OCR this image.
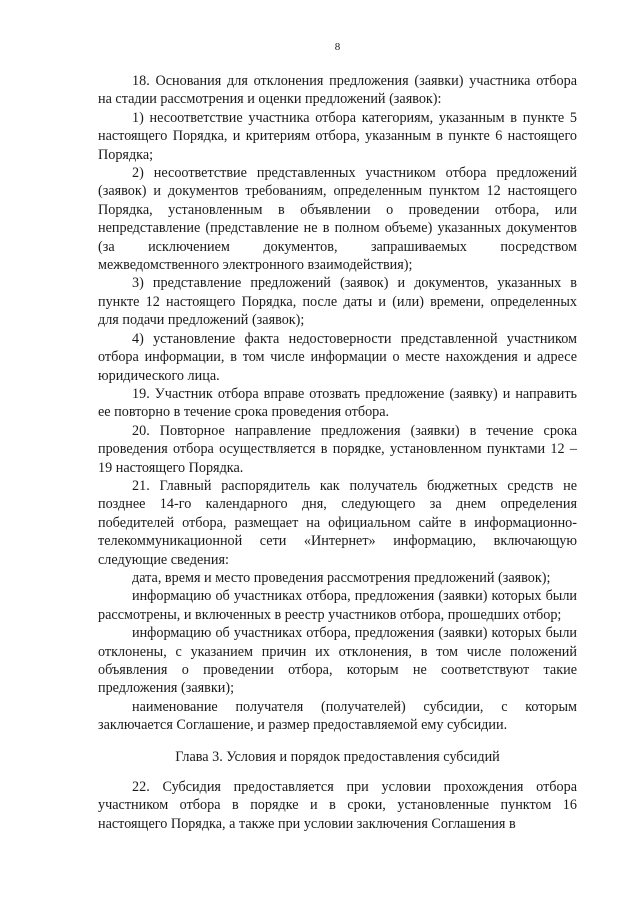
8

18. Основания для отклонения предложения (заявки) участника отбора на стадии рассмотрения и оценки предложений (заявок):

1) несоответствие участника отбора категориям, указанным в пункте 5 настоящего Порядка, и критериям отбора, указанным в пункте 6 настоящего Порядка;

2) несоответствие представленных участником отбора предложений (заявок) и документов требованиям, определенным пунктом 12 настоящего Порядка, установленным в объявлении о проведении отбора, или непредставление (представление не в полном объеме) указанных документов (за исключением документов, запрашиваемых посредством межведомственного электронного взаимодействия);

3) представление предложений (заявок) и документов, указанных в пункте 12 настоящего Порядка, после даты и (или) времени, определенных для подачи предложений (заявок);

4) установление факта недостоверности представленной участником отбора информации, в том числе информации о месте нахождения и адресе юридического лица.

19. Участник отбора вправе отозвать предложение (заявку) и направить ее повторно в течение срока проведения отбора.

20. Повторное направление предложения (заявки) в течение срока проведения отбора осуществляется в порядке, установленном пунктами 12 – 19 настоящего Порядка.

21. Главный распорядитель как получатель бюджетных средств не позднее 14-го календарного дня, следующего за днем определения победителей отбора, размещает на официальном сайте в информационно-телекоммуникационной сети «Интернет» информацию, включающую следующие сведения:

дата, время и место проведения рассмотрения предложений (заявок);

информацию об участниках отбора, предложения (заявки) которых были рассмотрены, и включенных в реестр участников отбора, прошедших отбор;

информацию об участниках отбора, предложения (заявки) которых были отклонены, с указанием причин их отклонения, в том числе положений объявления о проведении отбора, которым не соответствуют такие предложения (заявки);

наименование получателя (получателей) субсидии, с которым заключается Соглашение, и размер предоставляемой ему субсидии.

Глава 3. Условия и порядок предоставления субсидий

22. Субсидия предоставляется при условии прохождения отбора участником отбора в порядке и в сроки, установленные пунктом 16 настоящего Порядка, а также при условии заключения Соглашения в
